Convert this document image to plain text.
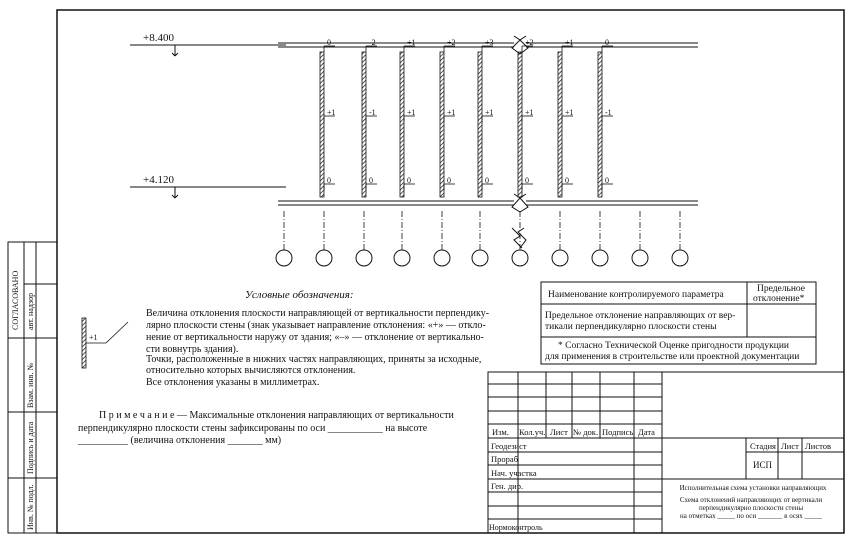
+8.400
+4.120
0
+1
0
-2
-1
0
+1
+1
0
+2
+1
0
+3
+1
0
+2
+1
0
+1
+1
0
0
-1
0
СОГЛАСОВАНО авт. надзор
Взам. инв. №
Подпись и дата
Инв. № подл.
Условные обозначения:
+1
Величина отклонения плоскости направляющей от вертикальности перпендику-
лярно плоскости стены (знак указывает направление отклонения: «+» — откло-
нение от вертикальности наружу от здания; «–» — отклонение от вертикально-
сти вовнутрь здания).
Точки, расположенные в нижних частях направляющих, приняты за исходные,
относительно которых вычисляются отклонения.
Все отклонения указаны в миллиметрах.
П р и м е ч а н и е — Максимальные отклонения направляющих от вертикальности
перпендикулярно плоскости стены зафиксированы по оси ___________ на высоте
__________ (величина отклонения _______ мм)
Наименование контролируемого параметра
Предельное
отклонение*
Предельное отклонение направляющих от вер-
тикали перпендикулярно плоскости стены
* Согласно Технической Оценке пригодности продукции
для применения в строительстве или проектной документации
Изм. Кол.уч. Лист № док. Подпись Дата
Геодезист
Прораб
Нач. участка
Ген. дир.
Нормоконтроль
Исполнительная схема установки направляющих
Схема отклонений направляющих от вертикали
перпендикулярно плоскости стены
на отметках _____ по оси _______ в осях _____
Стадия Лист Листов
ИСП
